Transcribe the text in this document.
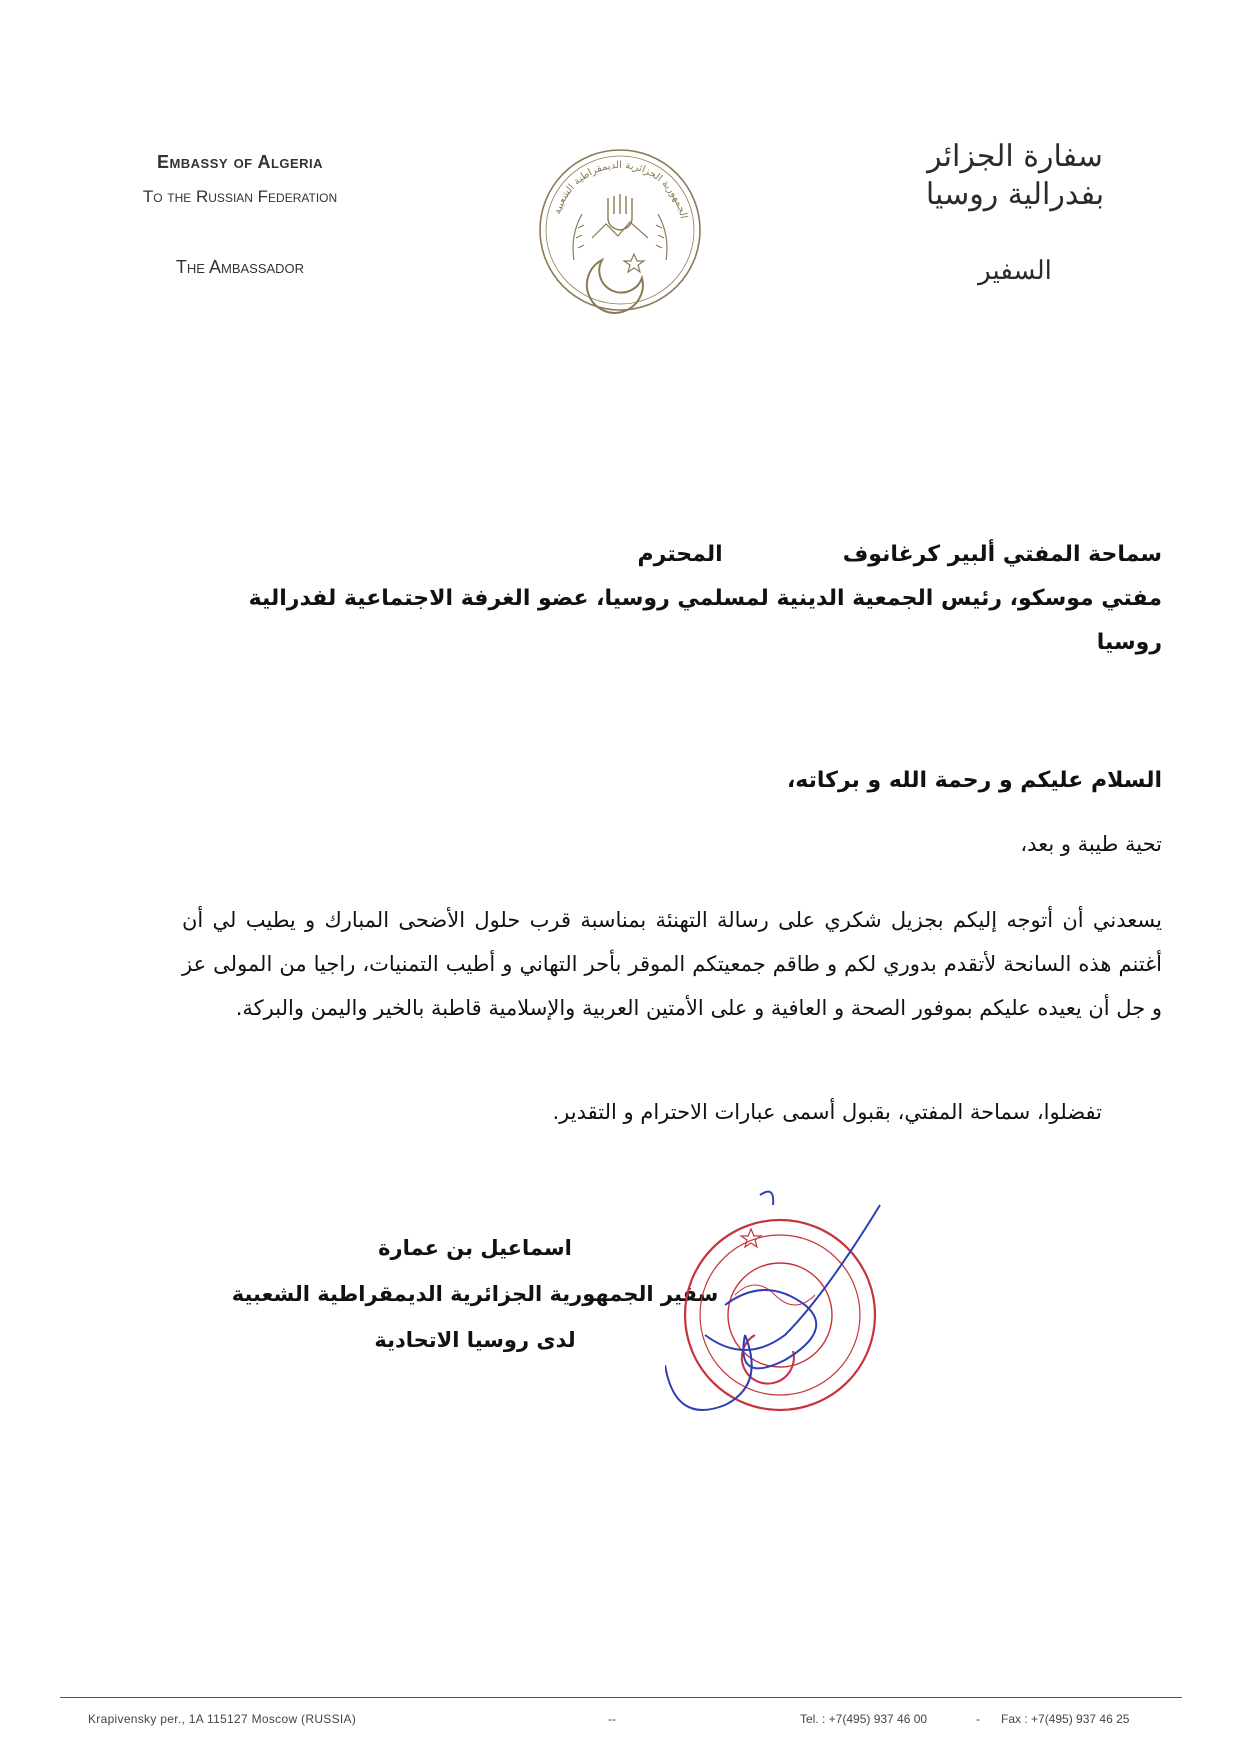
Embassy of Algeria
To the Russian Federation
The Ambassador
الجمهورية الجزائرية الديمقراطية الشعبية
سفارة الجزائر
بفدرالية روسيا
السفير
سماحة المفتي ألبير كرغانوفالمحترم
مفتي موسكو، رئيس الجمعية الدينية لمسلمي روسيا، عضو الغرفة الاجتماعية لفدرالية
روسيا
السلام عليكم و رحمة الله و بركاته،
تحية طيبة و بعد،
يسعدني أن أتوجه إليكم بجزيل شكري على رسالة التهنئة بمناسبة قرب حلول الأضحى المبارك و يطيب لي أن أغتنم هذه السانحة لأتقدم بدوري لكم و طاقم جمعيتكم الموقر بأحر التهاني و أطيب التمنيات، راجيا من المولى عز و جل أن يعيده عليكم بموفور الصحة و العافية و على الأمتين العربية والإسلامية قاطبة بالخير واليمن والبركة.
تفضلوا، سماحة المفتي، بقبول أسمى عبارات الاحترام و التقدير.
اسماعيل بن عمارة
سفير الجمهورية الجزائرية الديمقراطية الشعبية
لدى روسيا الاتحادية
Krapivensky per., 1A 115127 Moscow (RUSSIA)	--	Tel. : +7(495) 937 46 00	- Fax : +7(495) 937 46 25
